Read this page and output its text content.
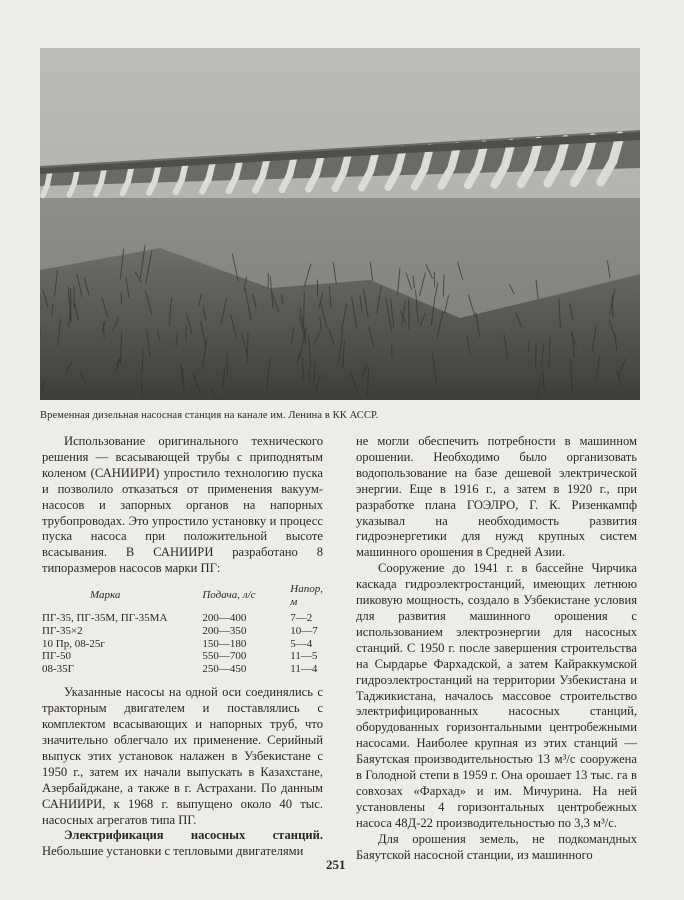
Временная дизельная насосная станция на канале им. Ленина в КК АССР.

Использование оригинального технического решения — всасывающей трубы с приподнятым коленом (САНИИРИ) упростило технологию пуска и позволило отказаться от применения вакуум-насосов и запорных органов на напорных трубопроводах. Это упростило установку и процесс пуска насоса при положительной высоте всасывания. В САНИИРИ разработано 8 типоразмеров насосов марки ПГ:

Марка	Подача, л/с	Напор, м
ПГ-35, ПГ-35М, ПГ-35МА	200—400	7—2
ПГ-35×2	200—350	10—7
10 Пр, 08-25г	150—180	5—4
ПГ-50	550—700	11—5
08-35Г	250—450	11—4

Указанные насосы на одной оси соединялись с тракторным двигателем и поставлялись с комплектом всасывающих и напорных труб, что значительно облегчало их применение. Серийный выпуск этих установок налажен в Узбекистане с 1950 г., затем их начали выпускать в Казахстане, Азербайджане, а также в г. Астрахани. По данным САНИИРИ, к 1968 г. выпущено около 40 тыс. насосных агрегатов типа ПГ.

Электрификация насосных станций. Небольшие установки с тепловыми двигателями

не могли обеспечить потребности в машинном орошении. Необходимо было организовать водопользование на базе дешевой электрической энергии. Еще в 1916 г., а затем в 1920 г., при разработке плана ГОЭЛРО, Г. К. Ризенкампф указывал на необходимость развития гидроэнергетики для нужд крупных систем машинного орошения в Средней Азии.

Сооружение до 1941 г. в бассейне Чирчика каскада гидроэлектростанций, имеющих летнюю пиковую мощность, создало в Узбекистане условия для развития машинного орошения с использованием электроэнергии для насосных станций. С 1950 г. после завершения строительства на Сырдарье Фархадской, а затем Кайраккумской гидроэлектростанций на территории Узбекистана и Таджикистана, началось массовое строительство электрифицированных насосных станций, оборудованных горизонтальными центробежными насосами. Наиболее крупная из этих станций — Баяутская производительностью 13 м³/с сооружена в Голодной степи в 1959 г. Она орошает 13 тыс. га в совхозах «Фархад» и им. Мичурина. На ней установлены 4 горизонтальных центробежных насоса 48Д-22 производительностью по 3,3 м³/с.

Для орошения земель, не подкомандных Баяутской насосной станции, из машинного

251
